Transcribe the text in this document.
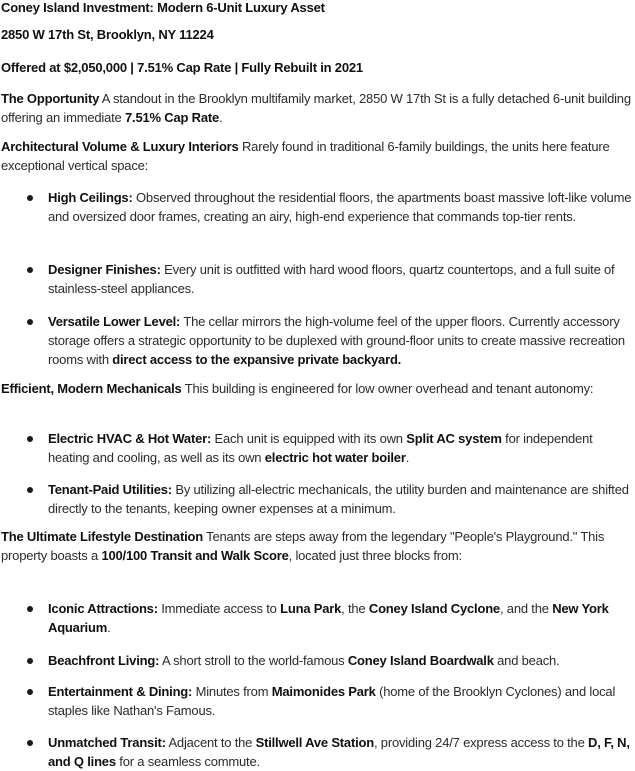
Coney Island Investment: Modern 6-Unit Luxury Asset

2850 W 17th St, Brooklyn, NY 11224

Offered at $2,050,000 | 7.51% Cap Rate | Fully Rebuilt in 2021

The Opportunity A standout in the Brooklyn multifamily market, 2850 W 17th St is a fully detached 6-unit building offering an immediate 7.51% Cap Rate.

Architectural Volume & Luxury Interiors Rarely found in traditional 6-family buildings, the units here feature exceptional vertical space:

High Ceilings: Observed throughout the residential floors, the apartments boast massive loft-like volume and oversized door frames, creating an airy, high-end experience that commands top-tier rents.
Designer Finishes: Every unit is outfitted with hard wood floors, quartz countertops, and a full suite of stainless-steel appliances.
Versatile Lower Level: The cellar mirrors the high-volume feel of the upper floors. Currently accessory storage offers a strategic opportunity to be duplexed with ground-floor units to create massive recreation rooms with direct access to the expansive private backyard.

Efficient, Modern Mechanicals This building is engineered for low owner overhead and tenant autonomy:

Electric HVAC & Hot Water: Each unit is equipped with its own Split AC system for independent heating and cooling, as well as its own electric hot water boiler.
Tenant-Paid Utilities: By utilizing all-electric mechanicals, the utility burden and maintenance are shifted directly to the tenants, keeping owner expenses at a minimum.

The Ultimate Lifestyle Destination Tenants are steps away from the legendary "People's Playground." This property boasts a 100/100 Transit and Walk Score, located just three blocks from:

Iconic Attractions: Immediate access to Luna Park, the Coney Island Cyclone, and the New York Aquarium.
Beachfront Living: A short stroll to the world-famous Coney Island Boardwalk and beach.
Entertainment & Dining: Minutes from Maimonides Park (home of the Brooklyn Cyclones) and local staples like Nathan's Famous.
Unmatched Transit: Adjacent to the Stillwell Ave Station, providing 24/7 express access to the D, F, N, and Q lines for a seamless commute.
